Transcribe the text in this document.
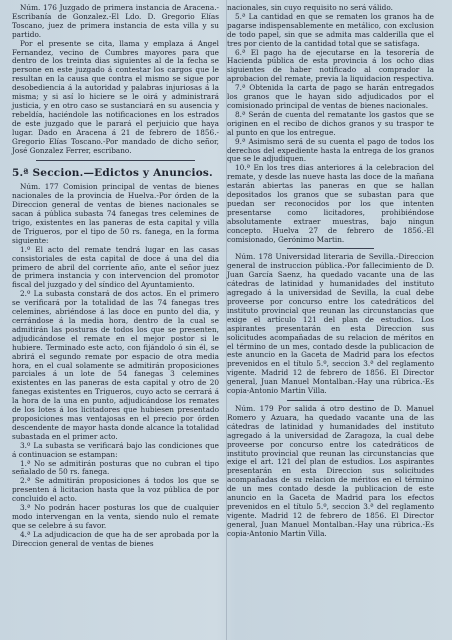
Núm. 176 Juzgado de primera instancia de Aracena.-Escribanía de Gonzalez.-El Ldo. D. Gregorio Elías Toscano, juez de primera instancia de esta villa y su partido.

Por el presente se cita, llama y emplaza á Angel Fernandez, vecino de Cumbres mayores para que dentro de los treinta dias siguientes al de la fecha se persone en este juzgado á contestar los cargos que le resultan en la causa que contra el mismo se sigue por desobediencia á la autoridad y palabras injuriosas á la misma; y si así lo hiciere se le oirá y administrará justicia, y en otro caso se sustanciará en su ausencia y rebeldía, haciéndole las notificaciones en los estrados de este juzgado que le parará el perjuicio que haya lugar. Dado en Aracena á 21 de febrero de 1856.- Gregorio Elías Toscano.-Por mandado de dicho señor, José Gonzalez Ferrer, escribano.

5.ª Seccion.—Edictos y Anuncios.

Núm. 177 Comision principal de ventas de bienes nacionales de la provincia de Huelva.-Por órden de la Direccion general de ventas de bienes nacionales se sacan á pública subasta 74 fanegas tres celemines de trigo, existentes en las paneras de esta capital y villa de Trigueros, por el tipo de 50 rs. fanega, en la forma siguiente:

1.º El acto del remate tendrá lugar en las casas consistoriales de esta capital de doce á una del dia primero de abril del corriente año, ante el señor juez de primera instancia y con intervencion del promotor fiscal del juzgado y del síndico del Ayuntamiento.

2.º La subasta constará de dos actos. En el primero se verificará por la totalidad de las 74 fanegas tres celemines, abriéndose á las doce en punto del dia, y cerrándose á la media hora, dentro de la cual se admitirán las posturas de todos los que se presenten, adjudicándose el remate en el mejor postor si le hubiere. Terminado este acto, con fijándolo ó sin él, se abrirá el segundo remate por espacio de otra media hora, en el cual solamente se admitirán proposiciones parciales á un lote de 54 fanegas 3 celemines existentes en las paneras de esta capital y otro de 20 fanegas existentes en Trigueros, cuyo acto se cerrará á la hora de la una en punto, adjudicándose los remates de los lotes á los licitadores que hubiesen presentado proposiciones mas ventajosas en el precio por órden descendente de mayor hasta donde alcance la totalidad subastada en el primer acto.

3.º La subasta se verificará bajo las condiciones que á continuacion se estampan:

1.ª No se admitirán posturas que no cubran el tipo señalado de 50 rs. fanega.

2.ª Se admitirán proposiciones á todos los que se presenten á licitacion hasta que la voz pública de por concluido el acto.

3.ª No podrán hacer posturas los que de cualquier modo intervengan en la venta, siendo nulo el remate que se celebre á su favor.

4.ª La adjudicacion de que ha de ser aprobada por la Direccion general de ventas de bienes

nacionales, sin cuyo requisito no será válido.

5.ª La cantidad en que se rematen los granos ha de pagarse indispensablemente en metálico, con exclusion de todo papel, sin que se admita mas calderilla que el tres por ciento de la cantidad total que se satisfaga.

6.ª El pago ha de ejecutarse en la tesorería de Hacienda pública de esta provincia á los ocho dias siguientes de haber notificado al comprador la aprobacion del remate, previa la liquidacion respectiva.

7.ª Obtenida la carta de pago se harán entregados los granos que le hayan sido adjudicados por el comisionado principal de ventas de bienes nacionales.

8.ª Serán de cuenta del rematante los gastos que se originen en el recibo de dichos granos y su traspor te al punto en que los entregue.

9.ª Asimismo será de su cuenta el pago de todos los derechos del expediente hasta la entrega de los granos que se le adjudiquen.

10.ª En los tres dias anteriores á la celebracion del remate, y desde las nueve hasta las doce de la mañana estarán abiertas las paneras en que se hallan depositados los granos que se subastan para que puedan ser reconocidos por los que intenten presentarse como licitadores, prohibiéndose absolutamente extraer muestras, bajo ningun concepto. Huelva 27 de febrero de 1856.-El comisionado, Gerónimo Martin.

Núm. 178 Universidad literaria de Sevilla.-Direccion general de instruccion pública.-Por fallecimiento de D. Juan García Saenz, ha quedado vacante una de las cátedras de latinidad y humanidades del instituto agregado á la universidad de Sevilla, la cual debe proveerse por concurso entre los catedráticos del instituto provincial que reunan las circunstancias que exige el artículo 121 del plan de estudios. Los aspirantes presentarán en esta Direccion sus solicitudes acompañadas de su relacion de méritos en el término de un mes, contado desde la publicacion de este anuncio en la Gaceta de Madrid para los efectos prevenidos en el título 5.º, seccion 3.ª del reglamento vigente. Madrid 12 de febrero de 1856. El Director general, Juan Manuel Montalban.-Hay una rúbrica.-Es copia-Antonio Martin Villa.

Núm. 179 Por salida á otro destino de D. Manuel Romero y Azuara, ha quedado vacante una de las cátedras de latinidad y humanidades del instituto agregado á la universidad de Zaragoza, la cual debe proveerse por concurso entre los catedráticos de instituto provincial que reunan las circunstancias que exige el art. 121 del plan de estudios. Los aspirantes presentarán en esta Direccion sus solicitudes acompañadas de su relacion de méritos en el término de un mes contado desde la publicacion de este anuncio en la Gaceta de Madrid para los efectos prevenidos en el título 5.º, seccion 3.ª del reglamento vigente. Madrid 12 de febrero de 1856. El Director general, Juan Manuel Montalban.-Hay una rúbrica.-Es copia-Antonio Martin Villa.
